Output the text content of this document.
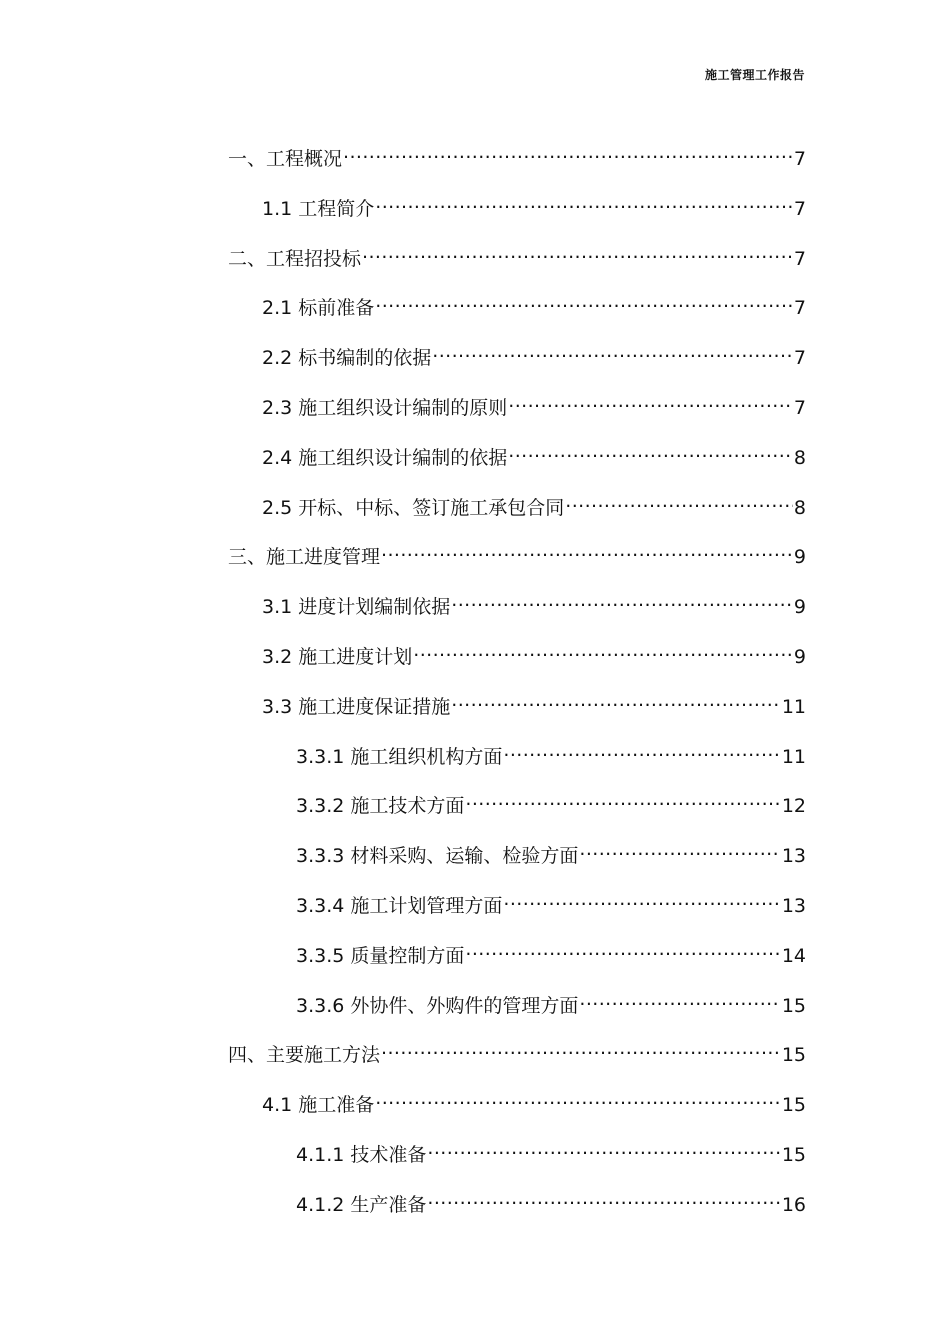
施工管理工作报告
一、工程概况 .....	7
1.1 工程简介 .....	7
二、工程招投标 .....	7
2.1 标前准备 .....	7
2.2 标书编制的依据 .....	7
2.3 施工组织设计编制的原则 .....	7
2.4 施工组织设计编制的依据 .....	8
2.5 开标、中标、签订施工承包合同 .....	8
三、施工进度管理 .....	9
3.1 进度计划编制依据 .....	9
3.2 施工进度计划 .....	9
3.3 施工进度保证措施 .....	11
3.3.1 施工组织机构方面 .....	11
3.3.2 施工技术方面 .....	12
3.3.3 材料采购、运输、检验方面 .....	13
3.3.4 施工计划管理方面 .....	13
3.3.5 质量控制方面 .....	14
3.3.6 外协件、外购件的管理方面 .....	15
四、主要施工方法 .....	15
4.1 施工准备 .....	15
4.1.1 技术准备 .....	15
4.1.2 生产准备 .....	16
